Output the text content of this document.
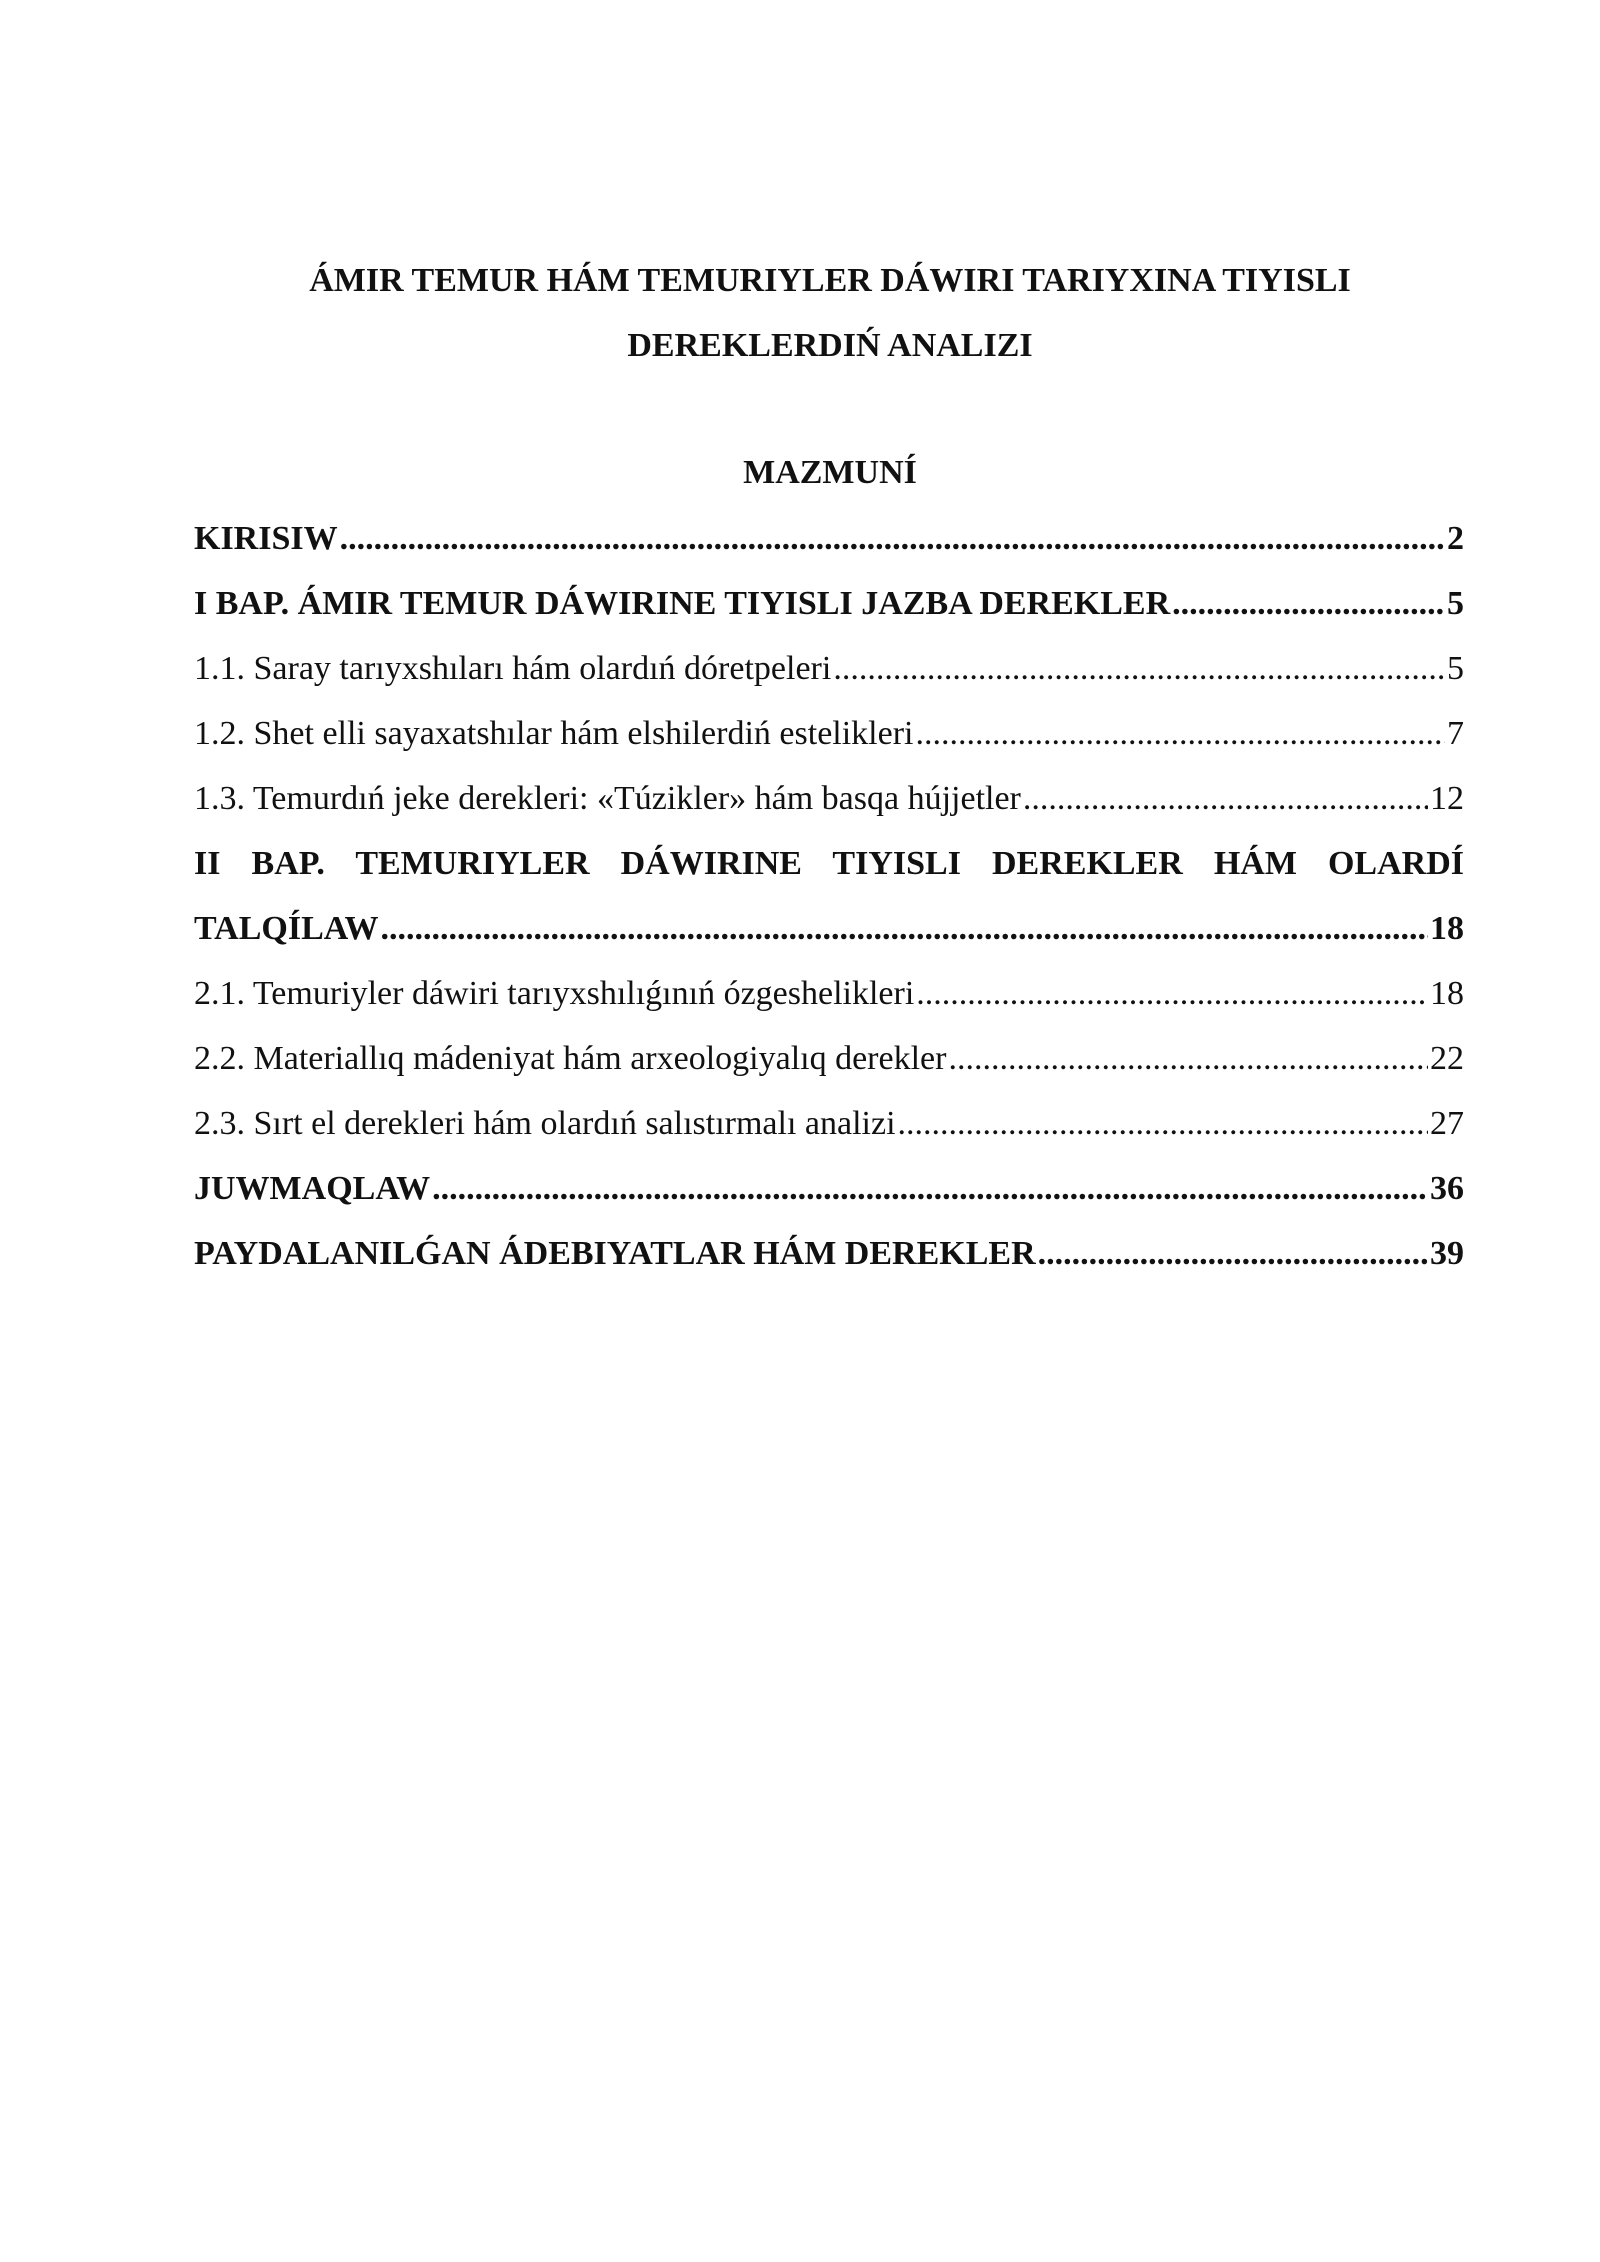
ÁMIR TEMUR HÁM TEMURIYLER DÁWIRI TARIYXINA TIYISLI
DEREKLERDIŃ ANALIZI
MAZMUNÍ
KIRISIW .....	2
I BAP. ÁMIR TEMUR DÁWIRINE TIYISLI JAZBA DEREKLER .....	5
1.1. Saray tarıyxshıları hám olardıń dóretpeleri .....	5
1.2. Shet elli sayaxatshılar hám elshilerdiń estelikleri .....	7
1.3. Temurdıń jeke derekleri: «Túzikler» hám basqa hújjetler .....	12
II BAP. TEMURIYLER DÁWIRINE TIYISLI DEREKLER HÁM OLARDÍ
TALQÍLAW .....	18
2.1. Temuriyler dáwiri tarıyxshılıǵınıń ózgeshelikleri .....	18
2.2. Materiallıq mádeniyat hám arxeologiyalıq derekler .....	22
2.3. Sırt el derekleri hám olardıń salıstırmalı analizi .....	27
JUWMAQLAW .....	36
PAYDALANILǴAN ÁDEBIYATLAR HÁM DEREKLER .....	39
